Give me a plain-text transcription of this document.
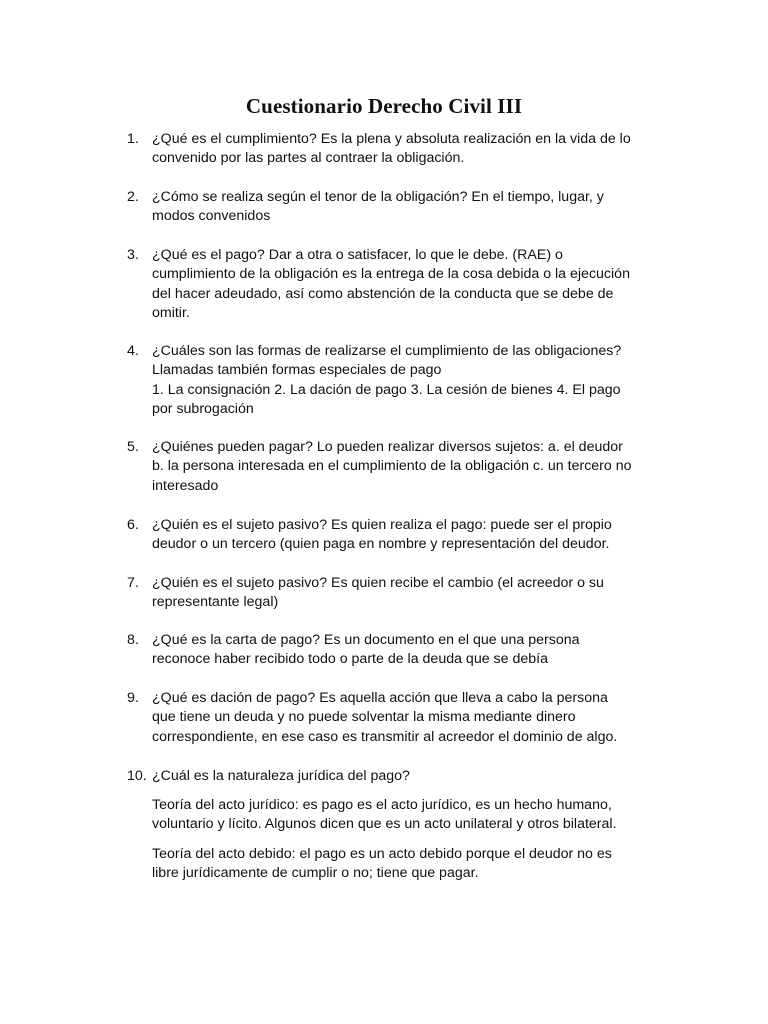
Cuestionario Derecho Civil III
1. ¿Qué es el cumplimiento? Es la plena y absoluta realización en la vida de lo
convenido por las partes al contraer la obligación.
2. ¿Cómo se realiza según el tenor de la obligación? En el tiempo, lugar, y
modos convenidos
3. ¿Qué es el pago? Dar a otra o satisfacer, lo que le debe. (RAE) o
cumplimiento de la obligación es la entrega de la cosa debida o la ejecución
del hacer adeudado, así como abstención de la conducta que se debe de
omitir.
4. ¿Cuáles son las formas de realizarse el cumplimiento de las obligaciones?
Llamadas también formas especiales de pago
1. La consignación 2. La dación de pago 3. La cesión de bienes 4. El pago
por subrogación
5. ¿Quiénes pueden pagar? Lo pueden realizar diversos sujetos: a. el deudor
b. la persona interesada en el cumplimiento de la obligación c. un tercero no
interesado
6. ¿Quién es el sujeto pasivo? Es quien realiza el pago: puede ser el propio
deudor o un tercero (quien paga en nombre y representación del deudor.
7. ¿Quién es el sujeto pasivo? Es quien recibe el cambio (el acreedor o su
representante legal)
8. ¿Qué es la carta de pago? Es un documento en el que una persona
reconoce haber recibido todo o parte de la deuda que se debía
9. ¿Qué es dación de pago? Es aquella acción que lleva a cabo la persona
que tiene un deuda y no puede solventar la misma mediante dinero
correspondiente, en ese caso es transmitir al acreedor el dominio de algo.
10. ¿Cuál es la naturaleza jurídica del pago?
Teoría del acto jurídico: es pago es el acto jurídico, es un hecho humano,
voluntario y lícito. Algunos dicen que es un acto unilateral y otros bilateral.
Teoría del acto debido: el pago es un acto debido porque el deudor no es
libre jurídicamente de cumplir o no; tiene que pagar.
